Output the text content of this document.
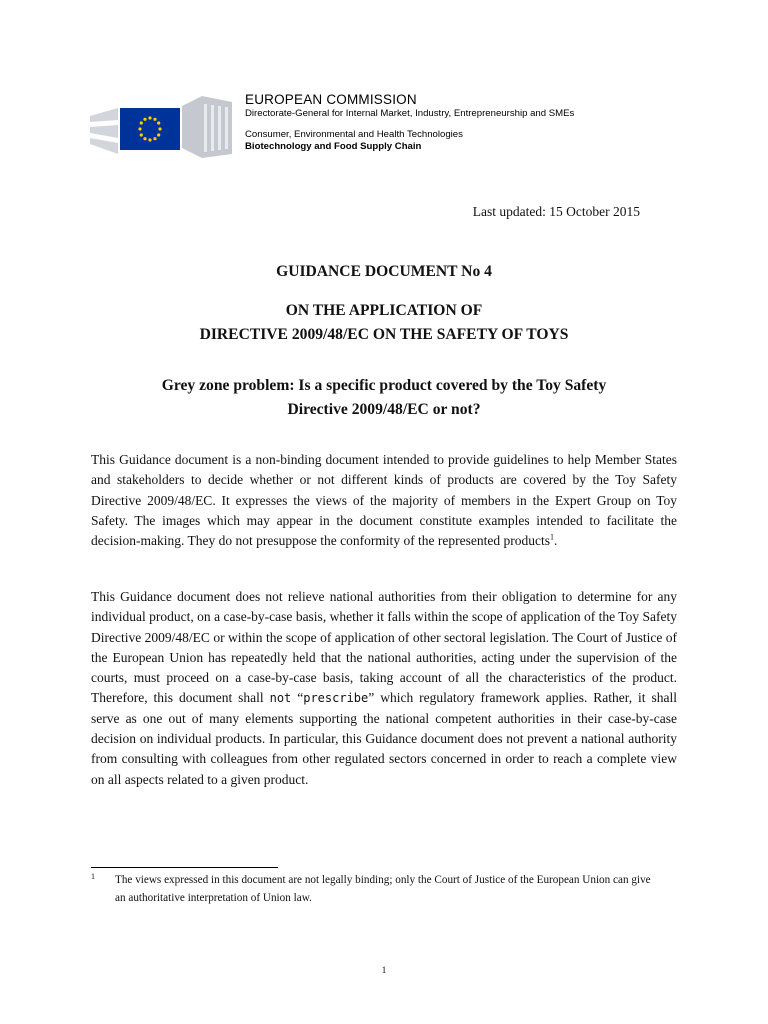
EUROPEAN COMMISSION
Directorate-General for Internal Market, Industry, Entrepreneurship and SMEs
Consumer, Environmental and Health Technologies
Biotechnology and Food Supply Chain
Last updated: 15 October 2015
GUIDANCE DOCUMENT No 4
ON THE APPLICATION OF
DIRECTIVE 2009/48/EC ON THE SAFETY OF TOYS
Grey zone problem: Is a specific product covered by the Toy Safety
Directive 2009/48/EC or not?
This Guidance document is a non-binding document intended to provide guidelines to help Member States and stakeholders to decide whether or not different kinds of products are covered by the Toy Safety Directive 2009/48/EC. It expresses the views of the majority of members in the Expert Group on Toy Safety. The images which may appear in the document constitute examples intended to facilitate the decision-making. They do not presuppose the conformity of the represented products$^1$.
This Guidance document does not relieve national authorities from their obligation to determine for any individual product, on a case-by-case basis, whether it falls within the scope of application of the Toy Safety Directive 2009/48/EC or within the scope of application of other sectoral legislation. The Court of Justice of the European Union has repeatedly held that the national authorities, acting under the supervision of the courts, must proceed on a case-by-case basis, taking account of all the characteristics of the product. Therefore, this document shall not “prescribe” which regulatory framework applies. Rather, it shall serve as one out of many elements supporting the national competent authorities in their case-by-case decision on individual products. In particular, this Guidance document does not prevent a national authority from consulting with colleagues from other regulated sectors concerned in order to reach a complete view on all aspects related to a given product.
1 The views expressed in this document are not legally binding; only the Court of Justice of the European Union can give an authoritative interpretation of Union law.
1
